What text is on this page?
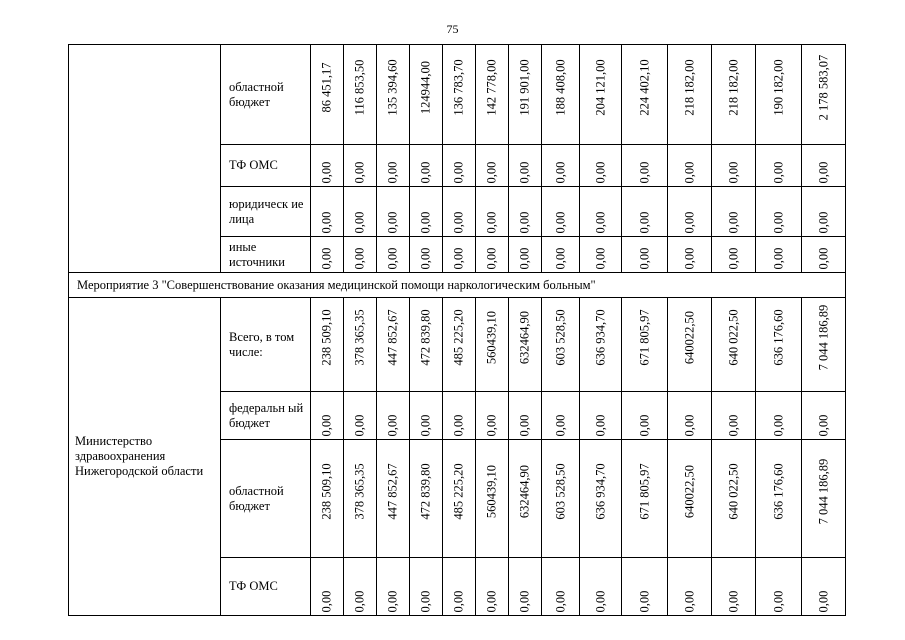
75
	областной бюджет	86 451,17	116 853,50	135 394,60	124944,00	136 783,70	142 778,00	191 901,00	188 408,00	204 121,00	224 402,10	218 182,00	218 182,00	190 182,00	2 178 583,07

	ТФ ОМС	0,00	0,00	0,00	0,00	0,00	0,00	0,00	0,00	0,00	0,00	0,00	0,00	0,00	0,00

	юридическ ие лица	0,00	0,00	0,00	0,00	0,00	0,00	0,00	0,00	0,00	0,00	0,00	0,00	0,00	0,00

	иные источники	0,00	0,00	0,00	0,00	0,00	0,00	0,00	0,00	0,00	0,00	0,00	0,00	0,00	0,00

Мероприятие 3 "Совершенствование оказания медицинской помощи наркологическим больным"															
Министерство здравоохранения Нижегородской области	Всего, в том числе:	238 509,10	378 365,35	447 852,67	472 839,80	485 225,20	560439,10	632464,90	603 528,50	636 934,70	671 805,97	640022,50	640 022,50	636 176,60	7 044 186,89

	федеральн ый бюджет	0,00	0,00	0,00	0,00	0,00	0,00	0,00	0,00	0,00	0,00	0,00	0,00	0,00	0,00

	областной бюджет	238 509,10	378 365,35	447 852,67	472 839,80	485 225,20	560439,10	632464,90	603 528,50	636 934,70	671 805,97	640022,50	640 022,50	636 176,60	7 044 186,89

	ТФ ОМС	0,00	0,00	0,00	0,00	0,00	0,00	0,00	0,00	0,00	0,00	0,00	0,00	0,00	0,00
